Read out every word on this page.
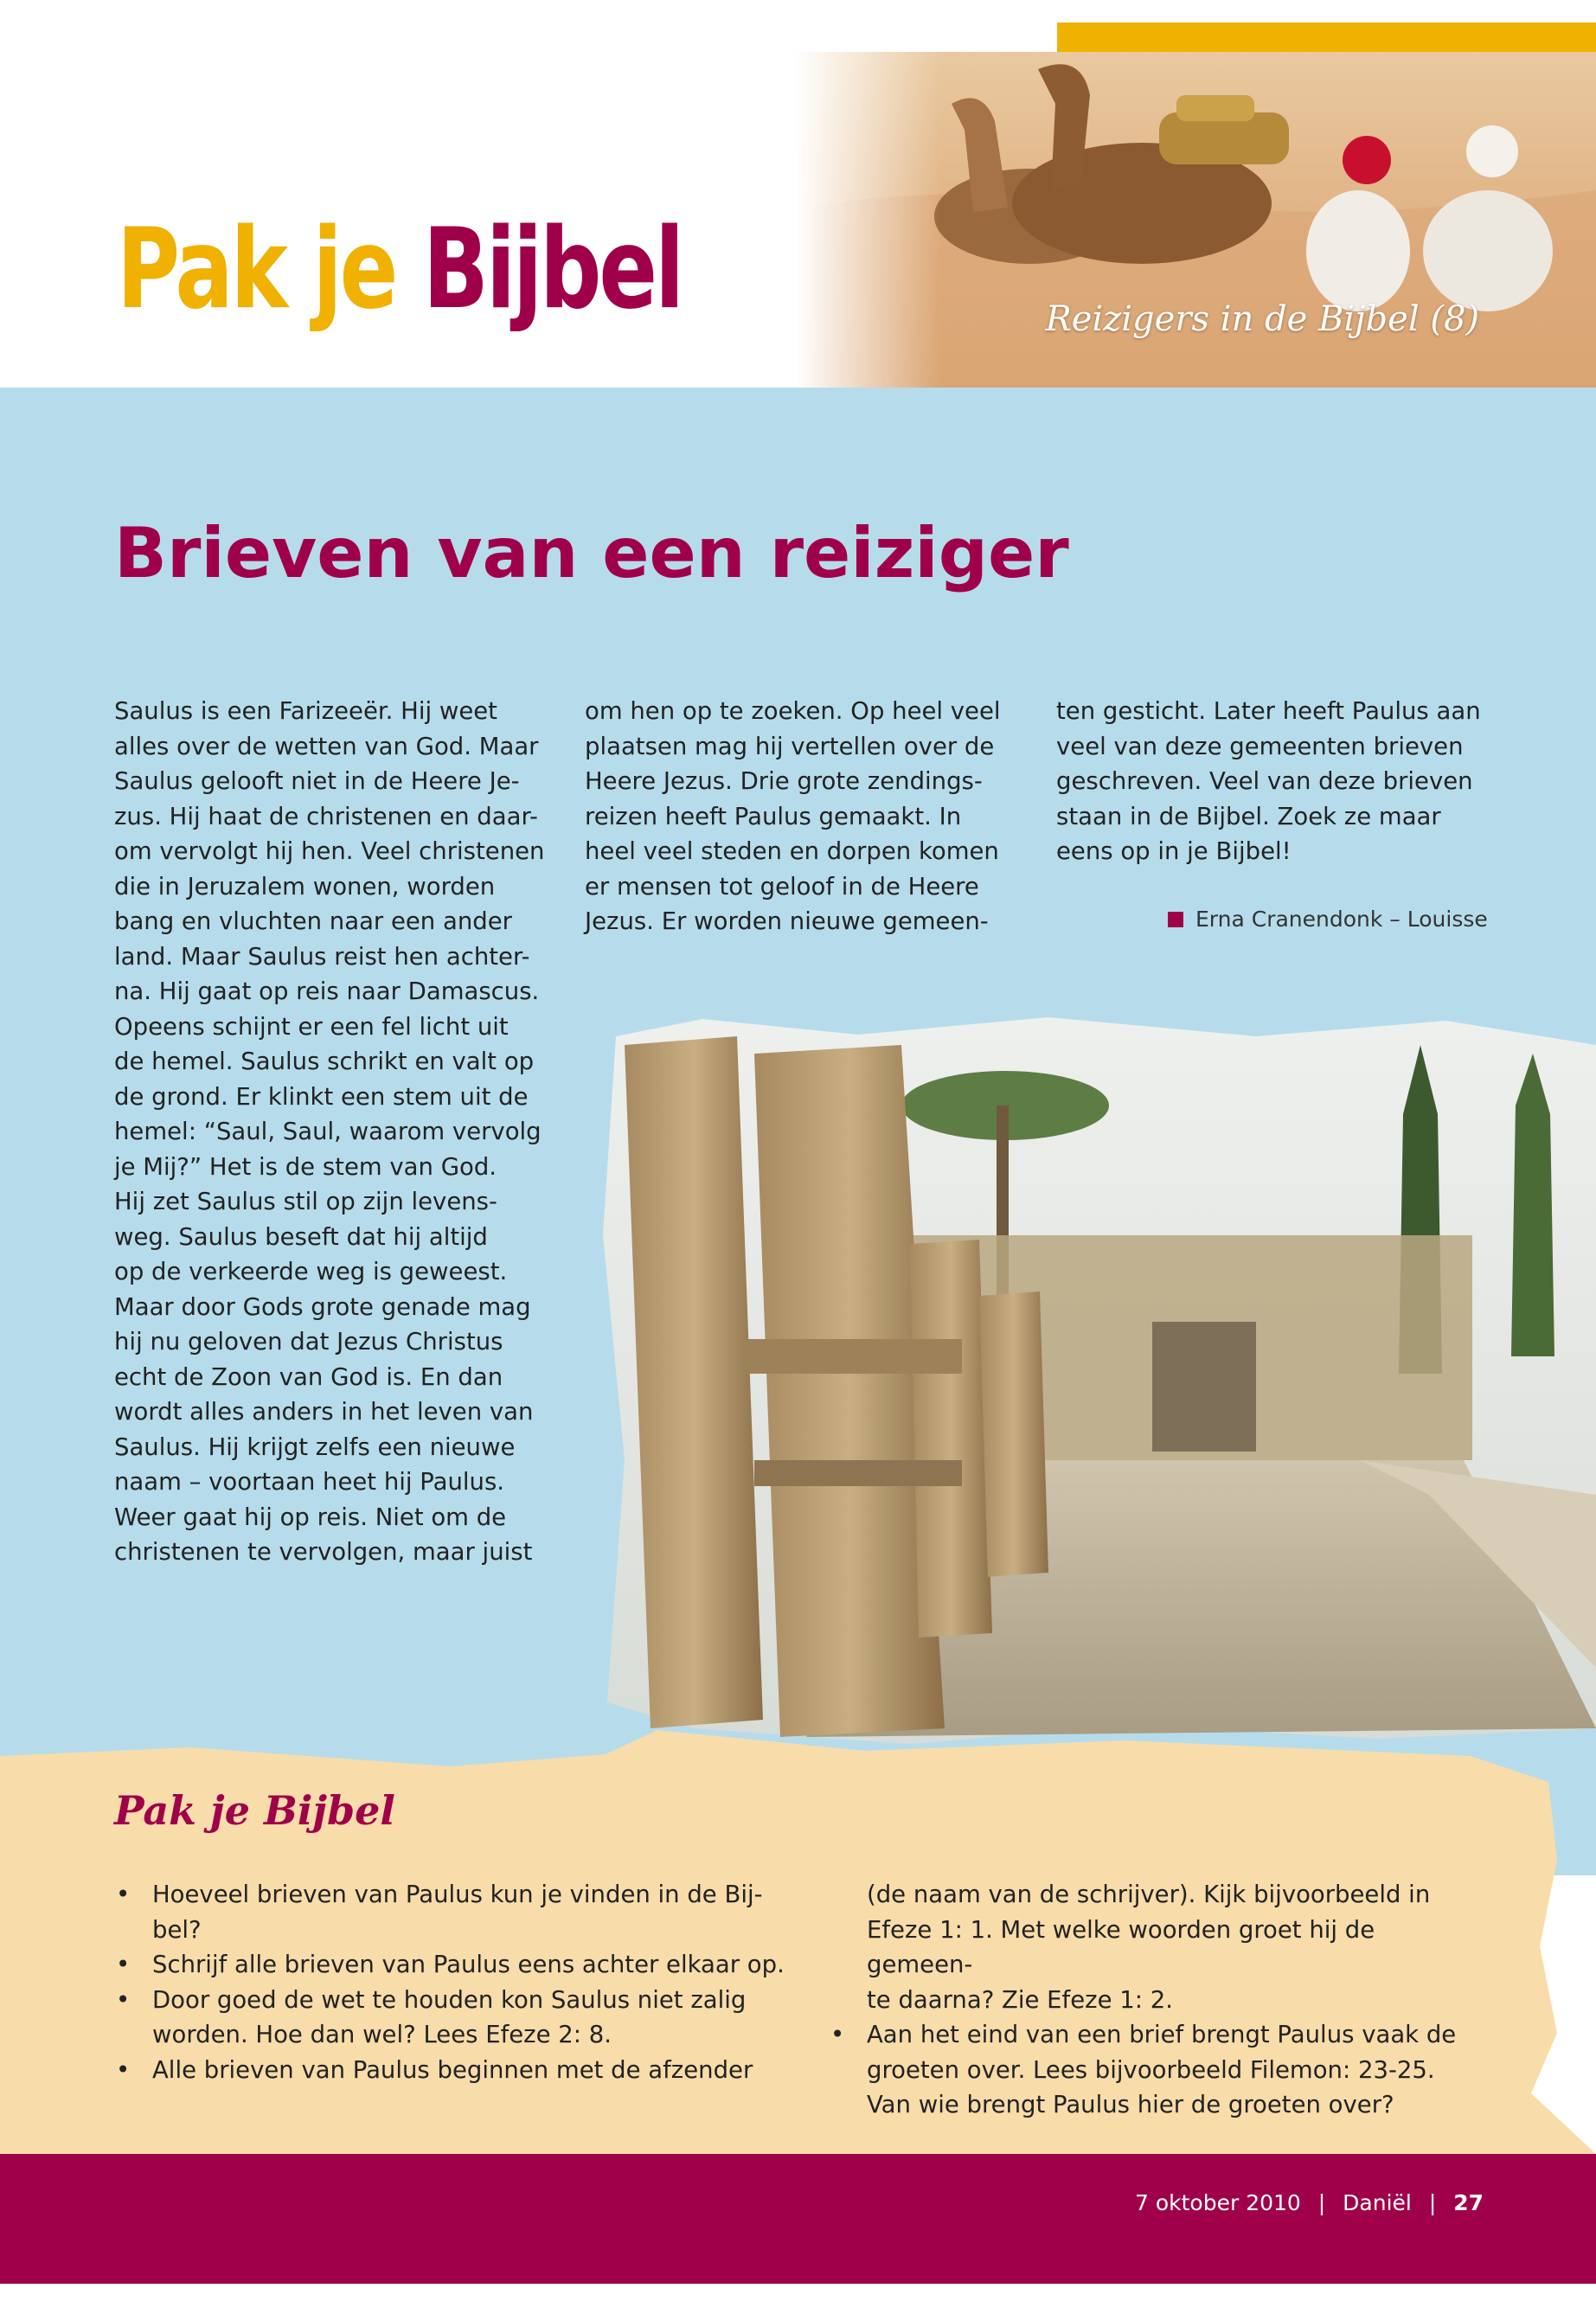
Pak je Bijbel	Reizigers in de Bijbel (8)
Brieven van een reiziger

Saulus is een Farizeeër. Hij weet
alles over de wetten van God. Maar
Saulus gelooft niet in de Heere Je-
zus. Hij haat de christenen en daar-
om vervolgt hij hen. Veel christenen
die in Jeruzalem wonen, worden
bang en vluchten naar een ander
land. Maar Saulus reist hen achter-
na. Hij gaat op reis naar Damascus.
Opeens schijnt er een fel licht uit
de hemel. Saulus schrikt en valt op
de grond. Er klinkt een stem uit de
hemel: “Saul, Saul, waarom vervolg
je Mij?” Het is de stem van God.
Hij zet Saulus stil op zijn levens-
weg. Saulus beseft dat hij altijd
op de verkeerde weg is geweest.
Maar door Gods grote genade mag
hij nu geloven dat Jezus Christus
echt de Zoon van God is. En dan
wordt alles anders in het leven van
Saulus. Hij krijgt zelfs een nieuwe
naam – voortaan heet hij Paulus.
Weer gaat hij op reis. Niet om de
christenen te vervolgen, maar juist

om hen op te zoeken. Op heel veel
plaatsen mag hij vertellen over de
Heere Jezus. Drie grote zendings-
reizen heeft Paulus gemaakt. In
heel veel steden en dorpen komen
er mensen tot geloof in de Heere
Jezus. Er worden nieuwe gemeen-

ten gesticht. Later heeft Paulus aan
veel van deze gemeenten brieven
geschreven. Veel van deze brieven
staan in de Bijbel. Zoek ze maar
eens op in je Bijbel!

Erna Cranendonk – Louisse
Pak je Bijbel
• Hoeveel brieven van Paulus kun je vinden in de Bij-
bel?
• Schrijf alle brieven van Paulus eens achter elkaar op.
• Door goed de wet te houden kon Saulus niet zalig
worden. Hoe dan wel? Lees Efeze 2: 8.
• Alle brieven van Paulus beginnen met de afzender
(de naam van de schrijver). Kijk bijvoorbeeld in
Efeze 1: 1. Met welke woorden groet hij de gemeen-
te daarna? Zie Efeze 1: 2.
• Aan het eind van een brief brengt Paulus vaak de
groeten over. Lees bijvoorbeeld Filemon: 23-25.
Van wie brengt Paulus hier de groeten over?
7 oktober 2010 | Daniël | 27
